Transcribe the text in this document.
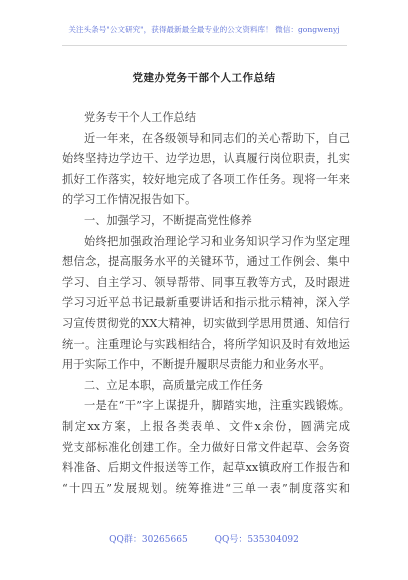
关注头条号"公文研究"，获得最新最全最专业的公文资料库！ 微信：gongwenyj
党建办党务干部个人工作总结
党务专干个人工作总结
近一年来，在各级领导和同志们的关心帮助下，自己
始终坚持边学边干、边学边思，认真履行岗位职责，扎实
抓好工作落实，较好地完成了各项工作任务。现将一年来
的学习工作情况报告如下。
一、加强学习，不断提高党性修养
始终把加强政治理论学习和业务知识学习作为坚定理
想信念，提高服务水平的关键环节，通过工作例会、集中
学习、自主学习、领导帮带、同事互教等方式，及时跟进
学习习近平总书记最新重要讲话和指示批示精神，深入学
习宣传贯彻党的XX大精神，切实做到学思用贯通、知信行
统一。注重理论与实践相结合，将所学知识及时有效地运
用于实际工作中，不断提升履职尽责能力和业务水平。
二、立足本职，高质量完成工作任务
一是在“干”字上谋提升，脚踏实地，注重实践锻炼。
制定xx方案，上报各类表单、文件x余份，圆满完成
党支部标准化创建工作。全力做好日常文件起草、会务资
料准备、后期文件报送等工作，起草xx镇政府工作报告和
“十四五”发展规划。统筹推进“三单一表”制度落实和
QQ群：30265665	QQ号：535304092
